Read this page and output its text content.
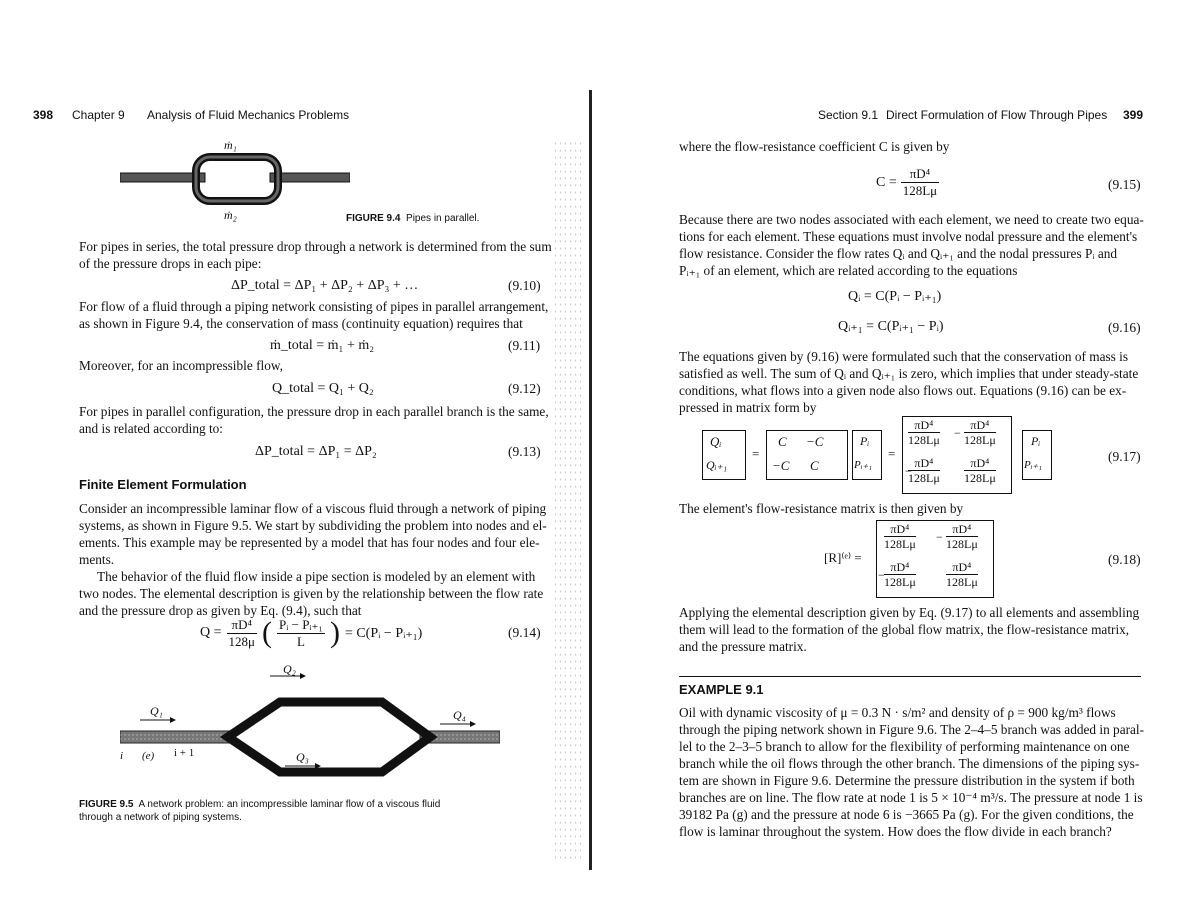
398 Chapter 9 Analysis of Fluid Mechanics Problems
ṁ₁
ṁ₂	FIGURE 9.4 Pipes in parallel.
For pipes in series, the total pressure drop through a network is determined from the sum
of the pressure drops in each pipe:
ΔP_total = ΔP₁ + ΔP₂ + ΔP₃ + …	(9.10)
For flow of a fluid through a piping network consisting of pipes in parallel arrangement,
as shown in Figure 9.4, the conservation of mass (continuity equation) requires that
ṁ_total = ṁ₁ + ṁ₂	(9.11)
Moreover, for an incompressible flow,
Q_total = Q₁ + Q₂	(9.12)
For pipes in parallel configuration, the pressure drop in each parallel branch is the same,
and is related according to:
ΔP_total = ΔP₁ = ΔP₂	(9.13)
Finite Element Formulation
Consider an incompressible laminar flow of a viscous fluid through a network of piping
systems, as shown in Figure 9.5. We start by subdividing the problem into nodes and el-
ements. This example may be represented by a model that has four nodes and four ele-
ments.
The behavior of the fluid flow inside a pipe section is modeled by an element with
two nodes. The elemental description is given by the relationship between the flow rate
and the pressure drop as given by Eq. (9.4), such that
$Q = \frac{\text{πD⁴}}{128\mu}$ ( $\frac{\text{Pᵢ − Pᵢ₊₁}}{L}$ ) = C(Pᵢ − Pᵢ₊₁)	(9.14)
Q₂
Q₁	Q₄
Q₃
i (e) i + 1
FIGURE 9.5 A network problem: an incompressible laminar flow of a viscous fluid
through a network of piping systems.
Section 9.1 Direct Formulation of Flow Through Pipes 399
where the flow-resistance coefficient C is given by
$C = \frac{\text{πD⁴}}{128L\mu}$	(9.15)
Because there are two nodes associated with each element, we need to create two equa-
tions for each element. These equations must involve nodal pressure and the element's
flow resistance. Consider the flow rates Qᵢ and Qᵢ₊₁ and the nodal pressures Pᵢ and
Pᵢ₊₁ of an element, which are related according to the equations
Qᵢ = C(Pᵢ − Pᵢ₊₁)
Qᵢ₊₁ = C(Pᵢ₊₁ − Pᵢ)	(9.16)
The equations given by (9.16) were formulated such that the conservation of mass is
satisfied as well. The sum of Qᵢ and Qᵢ₊₁ is zero, which implies that under steady-state
conditions, what flows into a given node also flows out. Equations (9.16) can be ex-
pressed in matrix form by
Qᵢ
Qᵢ₊₁
=
C −C
−C C
Pᵢ
Pᵢ₊₁
=
$\frac{\text{πD⁴}}{128L\mu} \frac{\text{πD⁴}}{128L\mu}$
−
$\frac{\text{πD⁴}}{128L\mu}$
−	$\frac{\text{πD⁴}}{128L\mu}$
Pᵢ
Pᵢ₊₁
(9.17)
The element's flow-resistance matrix is then given by
[R]⁽ᵉ⁾ =
$\frac{\text{πD⁴}}{128L\mu} - \frac{\text{πD⁴}}{128L\mu}$
− $\frac{\text{πD⁴}}{128L\mu}$	$\frac{\text{πD⁴}}{128L\mu}$
(9.18)
Applying the elemental description given by Eq. (9.17) to all elements and assembling
them will lead to the formation of the global flow matrix, the flow-resistance matrix,
and the pressure matrix.
EXAMPLE 9.1
Oil with dynamic viscosity of μ = 0.3 N · s/m² and density of ρ = 900 kg/m³ flows
through the piping network shown in Figure 9.6. The 2–4–5 branch was added in paral-
lel to the 2–3–5 branch to allow for the flexibility of performing maintenance on one
branch while the oil flows through the other branch. The dimensions of the piping sys-
tem are shown in Figure 9.6. Determine the pressure distribution in the system if both
branches are on line. The flow rate at node 1 is 5 × 10⁻⁴ m³/s. The pressure at node 1 is
39182 Pa (g) and the pressure at node 6 is −3665 Pa (g). For the given conditions, the
flow is laminar throughout the system. How does the flow divide in each branch?
